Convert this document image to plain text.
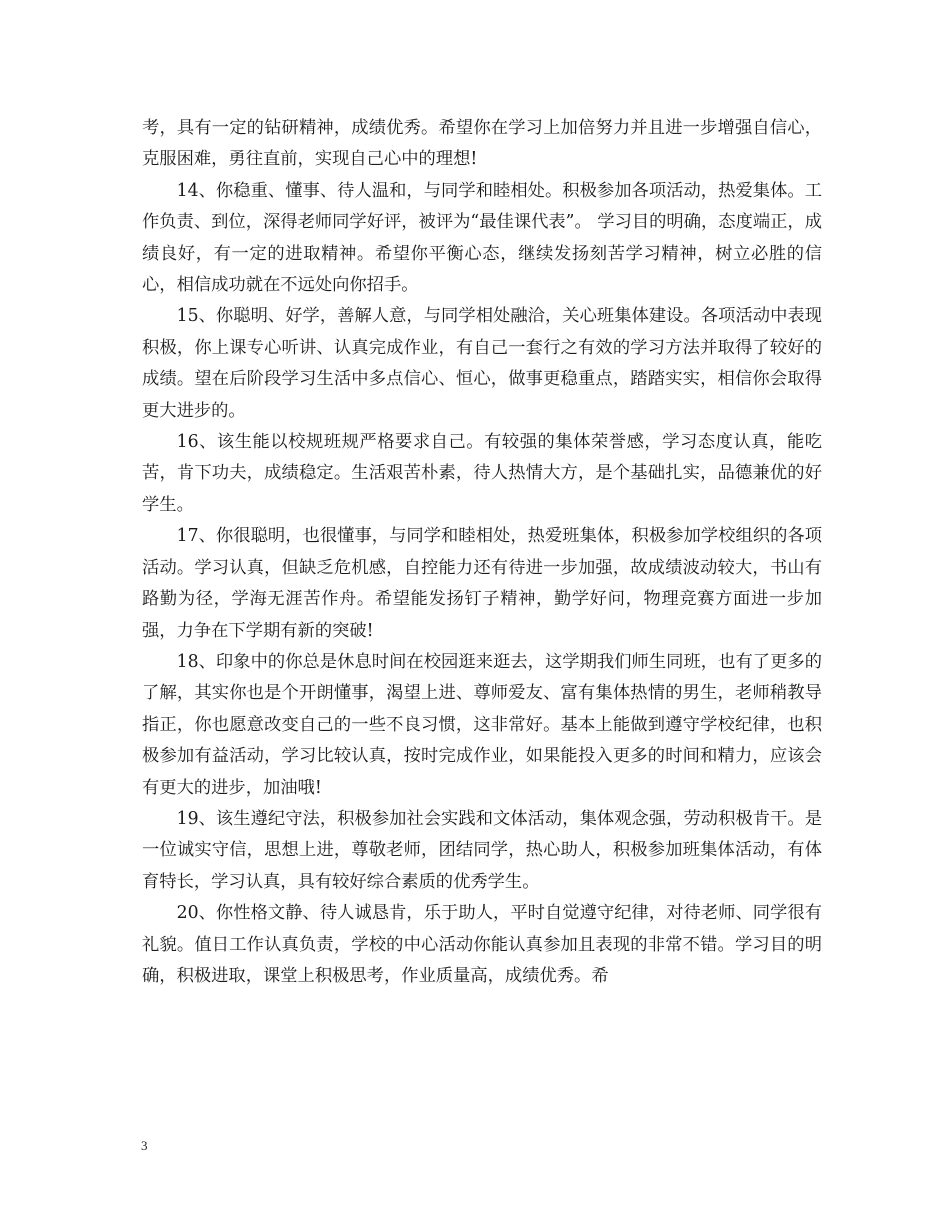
考，具有一定的钻研精神，成绩优秀。希望你在学习上加倍努力并且进一步增强自信心，克服困难，勇往直前，实现自己心中的理想!

14、你稳重、懂事、待人温和，与同学和睦相处。积极参加各项活动，热爱集体。工作负责、到位，深得老师同学好评，被评为“最佳课代表”。 学习目的明确，态度端正，成绩良好，有一定的进取精神。希望你平衡心态，继续发扬刻苦学习精神，树立必胜的信心，相信成功就在不远处向你招手。

15、你聪明、好学，善解人意，与同学相处融洽，关心班集体建设。各项活动中表现积极，你上课专心听讲、认真完成作业，有自己一套行之有效的学习方法并取得了较好的成绩。望在后阶段学习生活中多点信心、恒心，做事更稳重点，踏踏实实，相信你会取得更大进步的。

16、该生能以校规班规严格要求自己。有较强的集体荣誉感，学习态度认真，能吃苦，肯下功夫，成绩稳定。生活艰苦朴素，待人热情大方，是个基础扎实，品德兼优的好学生。

17、你很聪明，也很懂事，与同学和睦相处，热爱班集体，积极参加学校组织的各项活动。学习认真，但缺乏危机感，自控能力还有待进一步加强，故成绩波动较大，书山有路勤为径，学海无涯苦作舟。希望能发扬钉子精神，勤学好问，物理竞赛方面进一步加强，力争在下学期有新的突破!

18、印象中的你总是休息时间在校园逛来逛去，这学期我们师生同班，也有了更多的了解，其实你也是个开朗懂事，渴望上进、尊师爱友、富有集体热情的男生，老师稍教导指正，你也愿意改变自己的一些不良习惯，这非常好。基本上能做到遵守学校纪律，也积极参加有益活动，学习比较认真，按时完成作业，如果能投入更多的时间和精力，应该会有更大的进步，加油哦!

19、该生遵纪守法，积极参加社会实践和文体活动，集体观念强，劳动积极肯干。是一位诚实守信，思想上进，尊敬老师，团结同学，热心助人，积极参加班集体活动，有体育特长，学习认真，具有较好综合素质的优秀学生。

20、你性格文静、待人诚恳肯，乐于助人，平时自觉遵守纪律，对待老师、同学很有礼貌。值日工作认真负责，学校的中心活动你能认真参加且表现的非常不错。学习目的明确，积极进取，课堂上积极思考，作业质量高，成绩优秀。希

3
